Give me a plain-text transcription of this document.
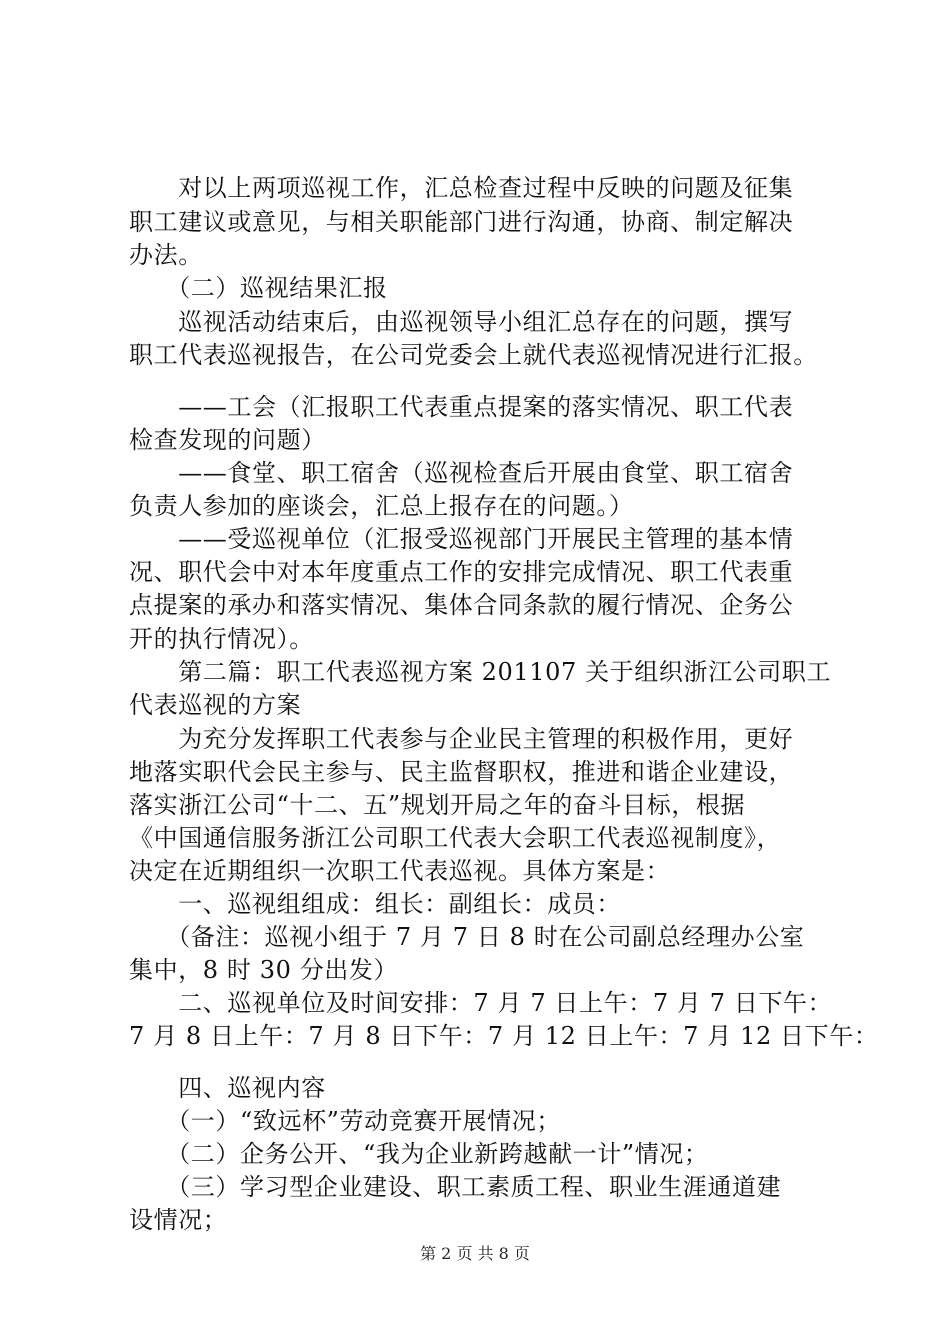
　　对以上两项巡视工作，汇总检查过程中反映的问题及征集
职工建议或意见，与相关职能部门进行沟通，协商、制定解决
办法。
　　（二）巡视结果汇报
　　巡视活动结束后，由巡视领导小组汇总存在的问题，撰写
职工代表巡视报告，在公司党委会上就代表巡视情况进行汇报。
　　——工会（汇报职工代表重点提案的落实情况、职工代表
检查发现的问题）
　　——食堂、职工宿舍（巡视检查后开展由食堂、职工宿舍
负责人参加的座谈会，汇总上报存在的问题。）
　　——受巡视单位（汇报受巡视部门开展民主管理的基本情
况、职代会中对本年度重点工作的安排完成情况、职工代表重
点提案的承办和落实情况、集体合同条款的履行情况、企务公
开的执行情况）。
　　第二篇：职工代表巡视方案 201107 关于组织浙江公司职工
代表巡视的方案
　　为充分发挥职工代表参与企业民主管理的积极作用，更好
地落实职代会民主参与、民主监督职权，推进和谐企业建设，
落实浙江公司“十二、五”规划开局之年的奋斗目标，根据
《中国通信服务浙江公司职工代表大会职工代表巡视制度》，
决定在近期组织一次职工代表巡视。具体方案是：
　　一、巡视组组成：组长：副组长：成员：
　　（备注：巡视小组于 7 月 7 日 8 时在公司副总经理办公室
集中，8 时 30 分出发）
　　二、巡视单位及时间安排：7 月 7 日上午：7 月 7 日下午：
7 月 8 日上午：7 月 8 日下午：7 月 12 日上午：7 月 12 日下午：
　　四、巡视内容
　　（一）“致远杯”劳动竞赛开展情况；
　　（二）企务公开、“我为企业新跨越献一计”情况；
　　（三）学习型企业建设、职工素质工程、职业生涯通道建
设情况；
第 2 页 共 8 页
